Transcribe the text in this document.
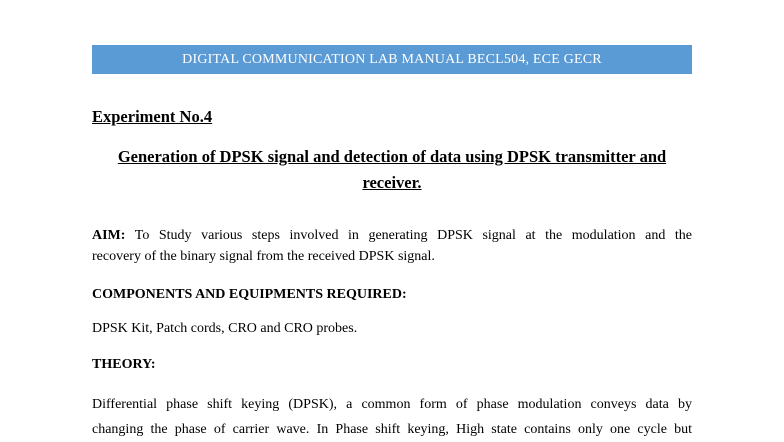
DIGITAL COMMUNICATION LAB MANUAL BECL504, ECE GECR
Experiment No.4
Generation of DPSK signal and detection of data using DPSK transmitter and receiver.
AIM: To Study various steps involved in generating DPSK signal at the modulation and the
recovery of the binary signal from the received DPSK signal.
COMPONENTS AND EQUIPMENTS REQUIRED:
DPSK Kit, Patch cords, CRO and CRO probes.
THEORY:
Differential phase shift keying (DPSK), a common form of phase modulation conveys data by
changing the phase of carrier wave. In Phase shift keying, High state contains only one cycle but
